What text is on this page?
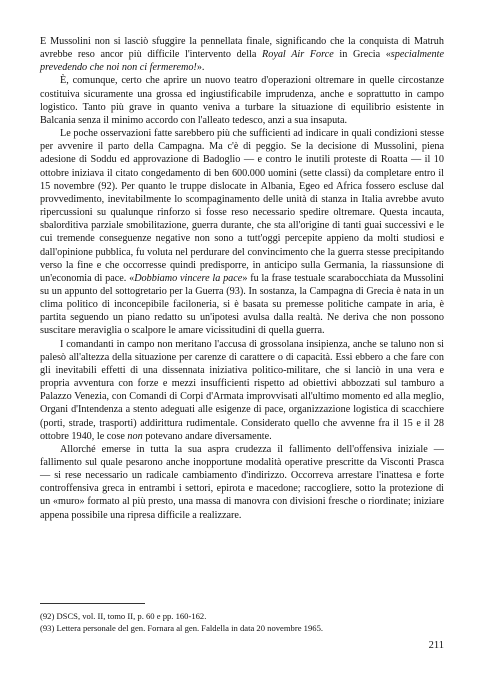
E Mussolini non si lasciò sfuggire la pennellata finale, significando che la conquista di Matruh avrebbe reso ancor più difficile l'intervento della Royal Air Force in Grecia «specialmente prevedendo che noi non ci fermeremo!».

È, comunque, certo che aprire un nuovo teatro d'operazioni oltremare in quelle circostanze costituiva sicuramente una grossa ed ingiustificabile imprudenza, anche e soprattutto in campo logistico. Tanto più grave in quanto veniva a turbare la situazione di equilibrio esistente in Balcania senza il minimo accordo con l'alleato tedesco, anzi a sua insaputa.

Le poche osservazioni fatte sarebbero più che sufficienti ad indicare in quali condizioni stesse per avvenire il parto della Campagna. Ma c'è di peggio. Se la decisione di Mussolini, piena adesione di Soddu ed approvazione di Badoglio — e contro le inutili proteste di Roatta — il 10 ottobre iniziava il citato congedamento di ben 600.000 uomini (sette classi) da completare entro il 15 novembre (92). Per quanto le truppe dislocate in Albania, Egeo ed Africa fossero escluse dal provvedimento, inevitabilmente lo scompaginamento delle unità di stanza in Italia avrebbe avuto ripercussioni su qualunque rinforzo si fosse reso necessario spedire oltremare. Questa incauta, sbalorditiva parziale smobilitazione, guerra durante, che sta all'origine di tanti guai successivi e le cui tremende conseguenze negative non sono a tutt'oggi percepite appieno da molti studiosi e dall'opinione pubblica, fu voluta nel perdurare del convincimento che la guerra stesse precipitando verso la fine e che occorresse quindi predisporre, in anticipo sulla Germania, la riassunsione di un'economia di pace. «Dobbiamo vincere la pace» fu la frase testuale scarabocchiata da Mussolini su un appunto del sottogretario per la Guerra (93). In sostanza, la Campagna di Grecia è nata in un clima politico di inconcepibile faciloneria, si è basata su premesse politiche campate in aria, è partita seguendo un piano redatto su un'ipotesi avulsa dalla realtà. Ne deriva che non possono suscitare meraviglia o scalpore le amare vicissitudini di quella guerra.

I comandanti in campo non meritano l'accusa di grossolana insipienza, anche se taluno non si palesò all'altezza della situazione per carenze di carattere o di capacità. Essi ebbero a che fare con gli inevitabili effetti di una dissennata iniziativa politico-militare, che si lanciò in una vera e propria avventura con forze e mezzi insufficienti rispetto ad obiettivi abbozzati sul tamburo a Palazzo Venezia, con Comandi di Corpi d'Armata improvvisati all'ultimo momento ed alla meglio, Organi d'Intendenza a stento adeguati alle esigenze di pace, organizzazione logistica di scacchiere (porti, strade, trasporti) addirittura rudimentale. Considerato quello che avvenne fra il 15 e il 28 ottobre 1940, le cose non potevano andare diversamente.

Allorché emerse in tutta la sua aspra crudezza il fallimento dell'offensiva iniziale — fallimento sul quale pesarono anche inopportune modalità operative prescritte da Visconti Prasca — si rese necessario un radicale cambiamento d'indirizzo. Occorreva arrestare l'inattesa e forte controffensiva greca in entrambi i settori, epirota e macedone; raccogliere, sotto la protezione di un «muro» formato al più presto, una massa di manovra con divisioni fresche o riordinate; iniziare appena possibile una ripresa difficile a realizzare.

(92) DSCS, vol. II, tomo II, p. 60 e pp. 160-162.

(93) Lettera personale del gen. Fornara al gen. Faldella in data 20 novembre 1965.

211
